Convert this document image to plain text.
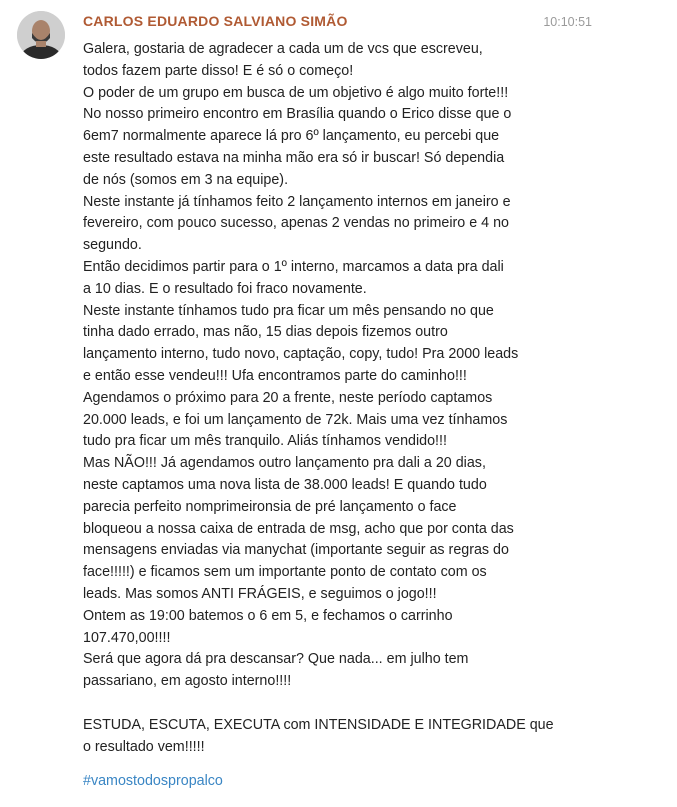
CARLOS EDUARDO SALVIANO SIMÃO	10:10:51
Galera, gostaria de agradecer a cada um de vcs que escreveu,
todos fazem parte disso! E é só o começo!
O poder de um grupo em busca de um objetivo é algo muito forte!!!
No nosso primeiro encontro em Brasília quando o Erico disse que o
6em7 normalmente aparece lá pro 6º lançamento, eu percebi que
este resultado estava na minha mão era só ir buscar! Só dependia
de nós (somos em 3 na equipe).
Neste instante já tínhamos feito 2 lançamento internos em janeiro e
fevereiro, com pouco sucesso, apenas 2 vendas no primeiro e 4 no
segundo.
Então decidimos partir para o 1º interno, marcamos a data pra dali
a 10 dias. E o resultado foi fraco novamente.
Neste instante tínhamos tudo pra ficar um mês pensando no que
tinha dado errado, mas não, 15 dias depois fizemos outro
lançamento interno, tudo novo, captação, copy, tudo! Pra 2000 leads
e então esse vendeu!!! Ufa encontramos parte do caminho!!!
Agendamos o próximo para 20 a frente, neste período captamos
20.000 leads, e foi um lançamento de 72k. Mais uma vez tínhamos
tudo pra ficar um mês tranquilo. Aliás tínhamos vendido!!!
Mas NÃO!!! Já agendamos outro lançamento pra dali a 20 dias,
neste captamos uma nova lista de 38.000 leads! E quando tudo
parecia perfeito nomprimeironsia de pré lançamento o face
bloqueou a nossa caixa de entrada de msg, acho que por conta das
mensagens enviadas via manychat (importante seguir as regras do
face!!!!!) e ficamos sem um importante ponto de contato com os
leads. Mas somos ANTI FRÁGEIS, e seguimos o jogo!!!
Ontem as 19:00 batemos o 6 em 5, e fechamos o carrinho
107.470,00!!!!
Será que agora dá pra descansar? Que nada... em julho tem
passariano, em agosto interno!!!!
ESTUDA, ESCUTA, EXECUTA com INTENSIDADE E INTEGRIDADE que
o resultado vem!!!!!
#vamostodospropalco
